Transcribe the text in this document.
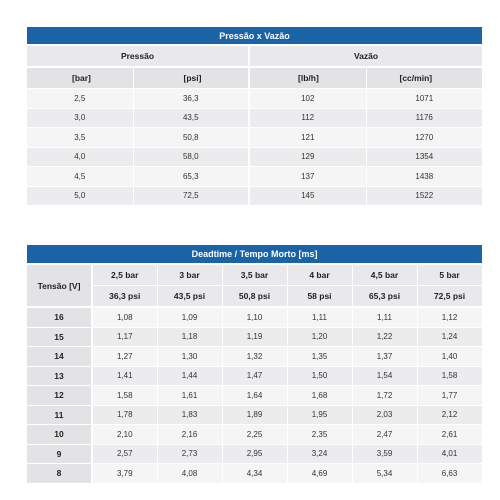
Pressão x Vazão			
Pressão		Vazão	
[bar]	[psi]	[lb/h]	[cc/min]
2,5	36,3	102	1071
3,0	43,5	112	1176
3,5	50,8	121	1270
4,0	58,0	129	1354
4,5	65,3	137	1438
5,0	72,5	145	1522
Deadtime / Tempo Morto [ms]						
Tensão [V]	2,5 bar	3 bar	3,5 bar	4 bar	4,5 bar	5 bar
	36,3 psi	43,5 psi	50,8 psi	58 psi	65,3 psi	72,5 psi
16	1,08	1,09	1,10	1,11	1,11	1,12
15	1,17	1,18	1,19	1,20	1,22	1,24
14	1,27	1,30	1,32	1,35	1,37	1,40
13	1,41	1,44	1,47	1,50	1,54	1,58
12	1,58	1,61	1,64	1,68	1,72	1,77
11	1,78	1,83	1,89	1,95	2,03	2,12
10	2,10	2,16	2,25	2,35	2,47	2,61
9	2,57	2,73	2,95	3,24	3,59	4,01
8	3,79	4,08	4,34	4,69	5,34	6,63
